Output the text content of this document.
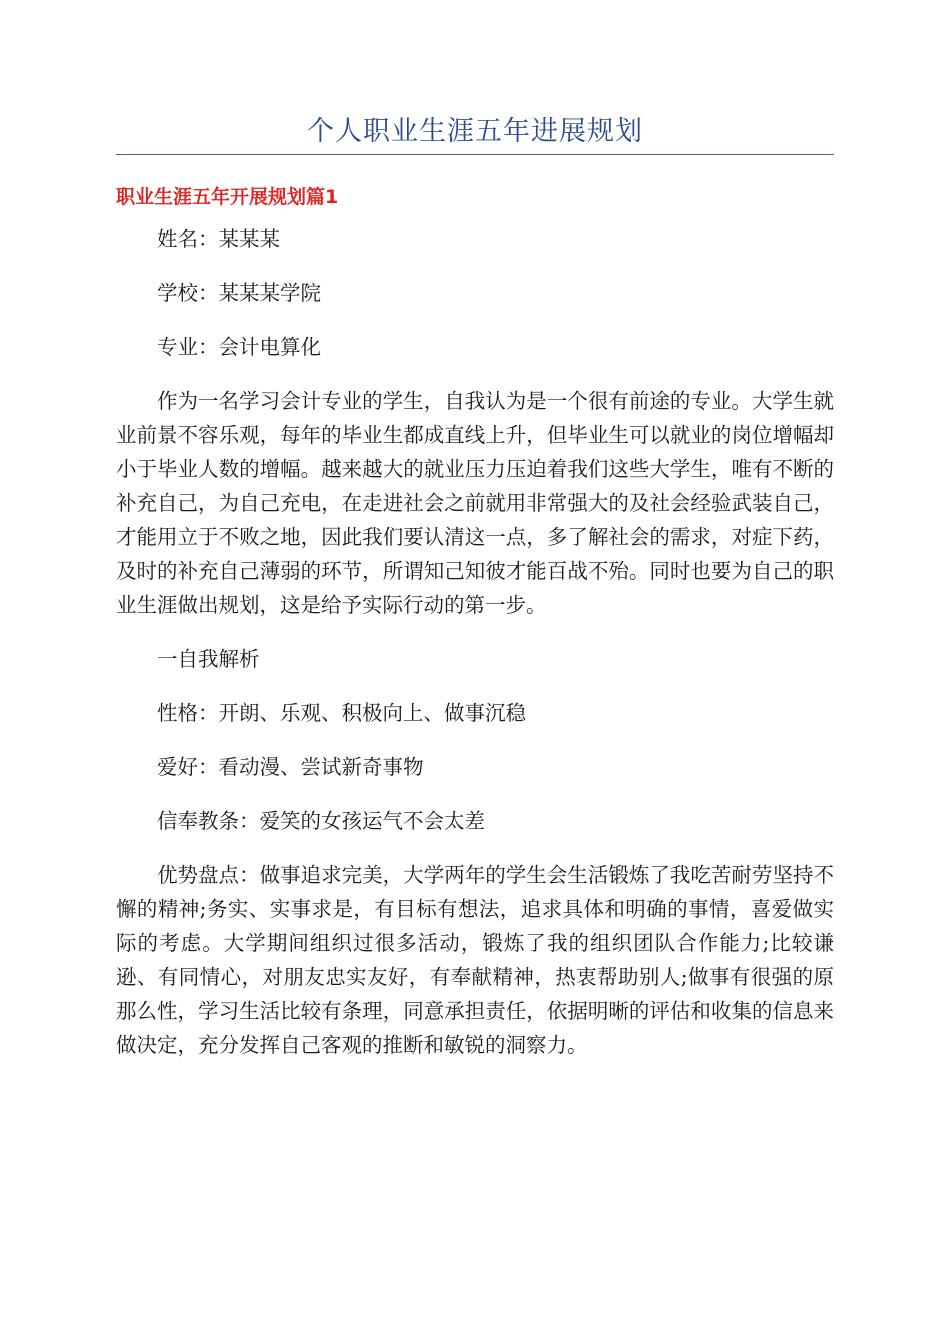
个人职业生涯五年进展规划
职业生涯五年开展规划篇1

姓名：某某某

学校：某某某学院

专业：会计电算化

作为一名学习会计专业的学生，自我认为是一个很有前途的专业。大学生就业前景不容乐观，每年的毕业生都成直线上升，但毕业生可以就业的岗位增幅却小于毕业人数的增幅。越来越大的就业压力压迫着我们这些大学生，唯有不断的补充自己，为自己充电，在走进社会之前就用非常强大的及社会经验武装自己，才能用立于不败之地，因此我们要认清这一点，多了解社会的需求，对症下药，及时的补充自己薄弱的环节，所谓知己知彼才能百战不殆。同时也要为自己的职业生涯做出规划，这是给予实际行动的第一步。

一自我解析

性格：开朗、乐观、积极向上、做事沉稳

爱好：看动漫、尝试新奇事物

信奉教条：爱笑的女孩运气不会太差

优势盘点：做事追求完美，大学两年的学生会生活锻炼了我吃苦耐劳坚持不懈的精神;务实、实事求是，有目标有想法，追求具体和明确的事情，喜爱做实际的考虑。大学期间组织过很多活动，锻炼了我的组织团队合作能力;比较谦逊、有同情心，对朋友忠实友好，有奉献精神，热衷帮助别人;做事有很强的原那么性，学习生活比较有条理，同意承担责任，依据明晰的评估和收集的信息来做决定，充分发挥自己客观的推断和敏锐的洞察力。
